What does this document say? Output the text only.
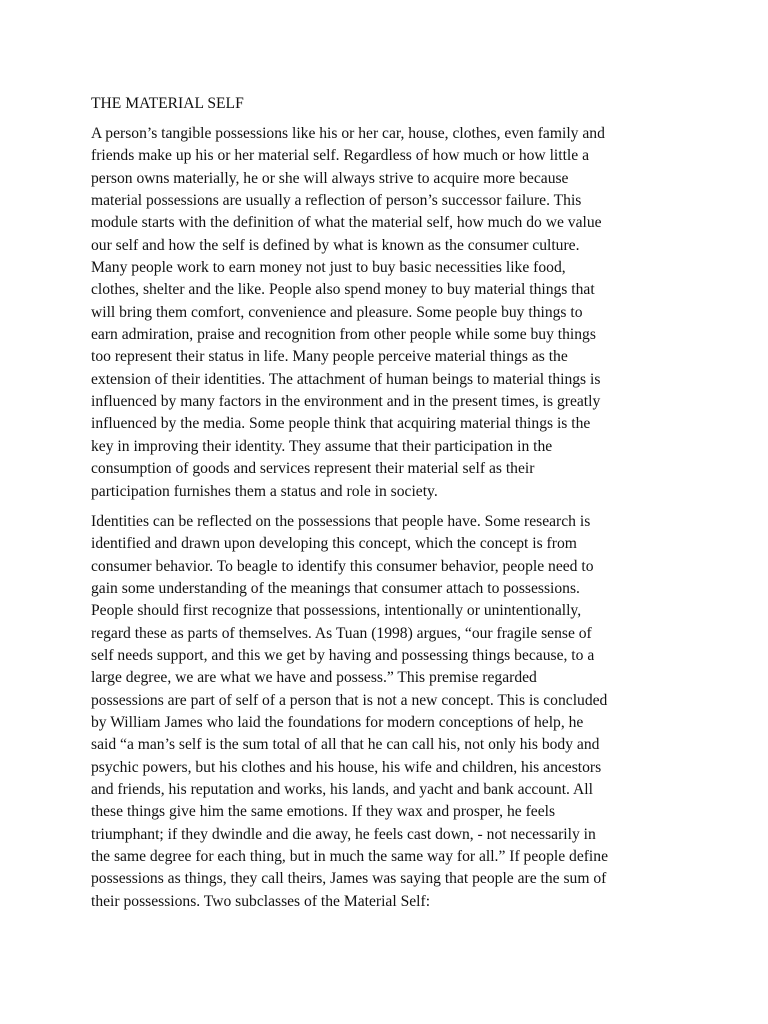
THE MATERIAL SELF
A person’s tangible possessions like his or her car, house, clothes, even family and
friends make up his or her material self. Regardless of how much or how little a
person owns materially, he or she will always strive to acquire more because
material possessions are usually a reflection of person’s successor failure. This
module starts with the definition of what the material self, how much do we value
our self and how the self is defined by what is known as the consumer culture.
Many people work to earn money not just to buy basic necessities like food,
clothes, shelter and the like. People also spend money to buy material things that
will bring them comfort, convenience and pleasure. Some people buy things to
earn admiration, praise and recognition from other people while some buy things
too represent their status in life. Many people perceive material things as the
extension of their identities. The attachment of human beings to material things is
influenced by many factors in the environment and in the present times, is greatly
influenced by the media. Some people think that acquiring material things is the
key in improving their identity. They assume that their participation in the
consumption of goods and services represent their material self as their
participation furnishes them a status and role in society.
Identities can be reflected on the possessions that people have. Some research is
identified and drawn upon developing this concept, which the concept is from
consumer behavior. To beagle to identify this consumer behavior, people need to
gain some understanding of the meanings that consumer attach to possessions.
People should first recognize that possessions, intentionally or unintentionally,
regard these as parts of themselves. As Tuan (1998) argues, “our fragile sense of
self needs support, and this we get by having and possessing things because, to a
large degree, we are what we have and possess.” This premise regarded
possessions are part of self of a person that is not a new concept. This is concluded
by William James who laid the foundations for modern conceptions of help, he
said “a man’s self is the sum total of all that he can call his, not only his body and
psychic powers, but his clothes and his house, his wife and children, his ancestors
and friends, his reputation and works, his lands, and yacht and bank account. All
these things give him the same emotions. If they wax and prosper, he feels
triumphant; if they dwindle and die away, he feels cast down, - not necessarily in
the same degree for each thing, but in much the same way for all.” If people define
possessions as things, they call theirs, James was saying that people are the sum of
their possessions. Two subclasses of the Material Self:
